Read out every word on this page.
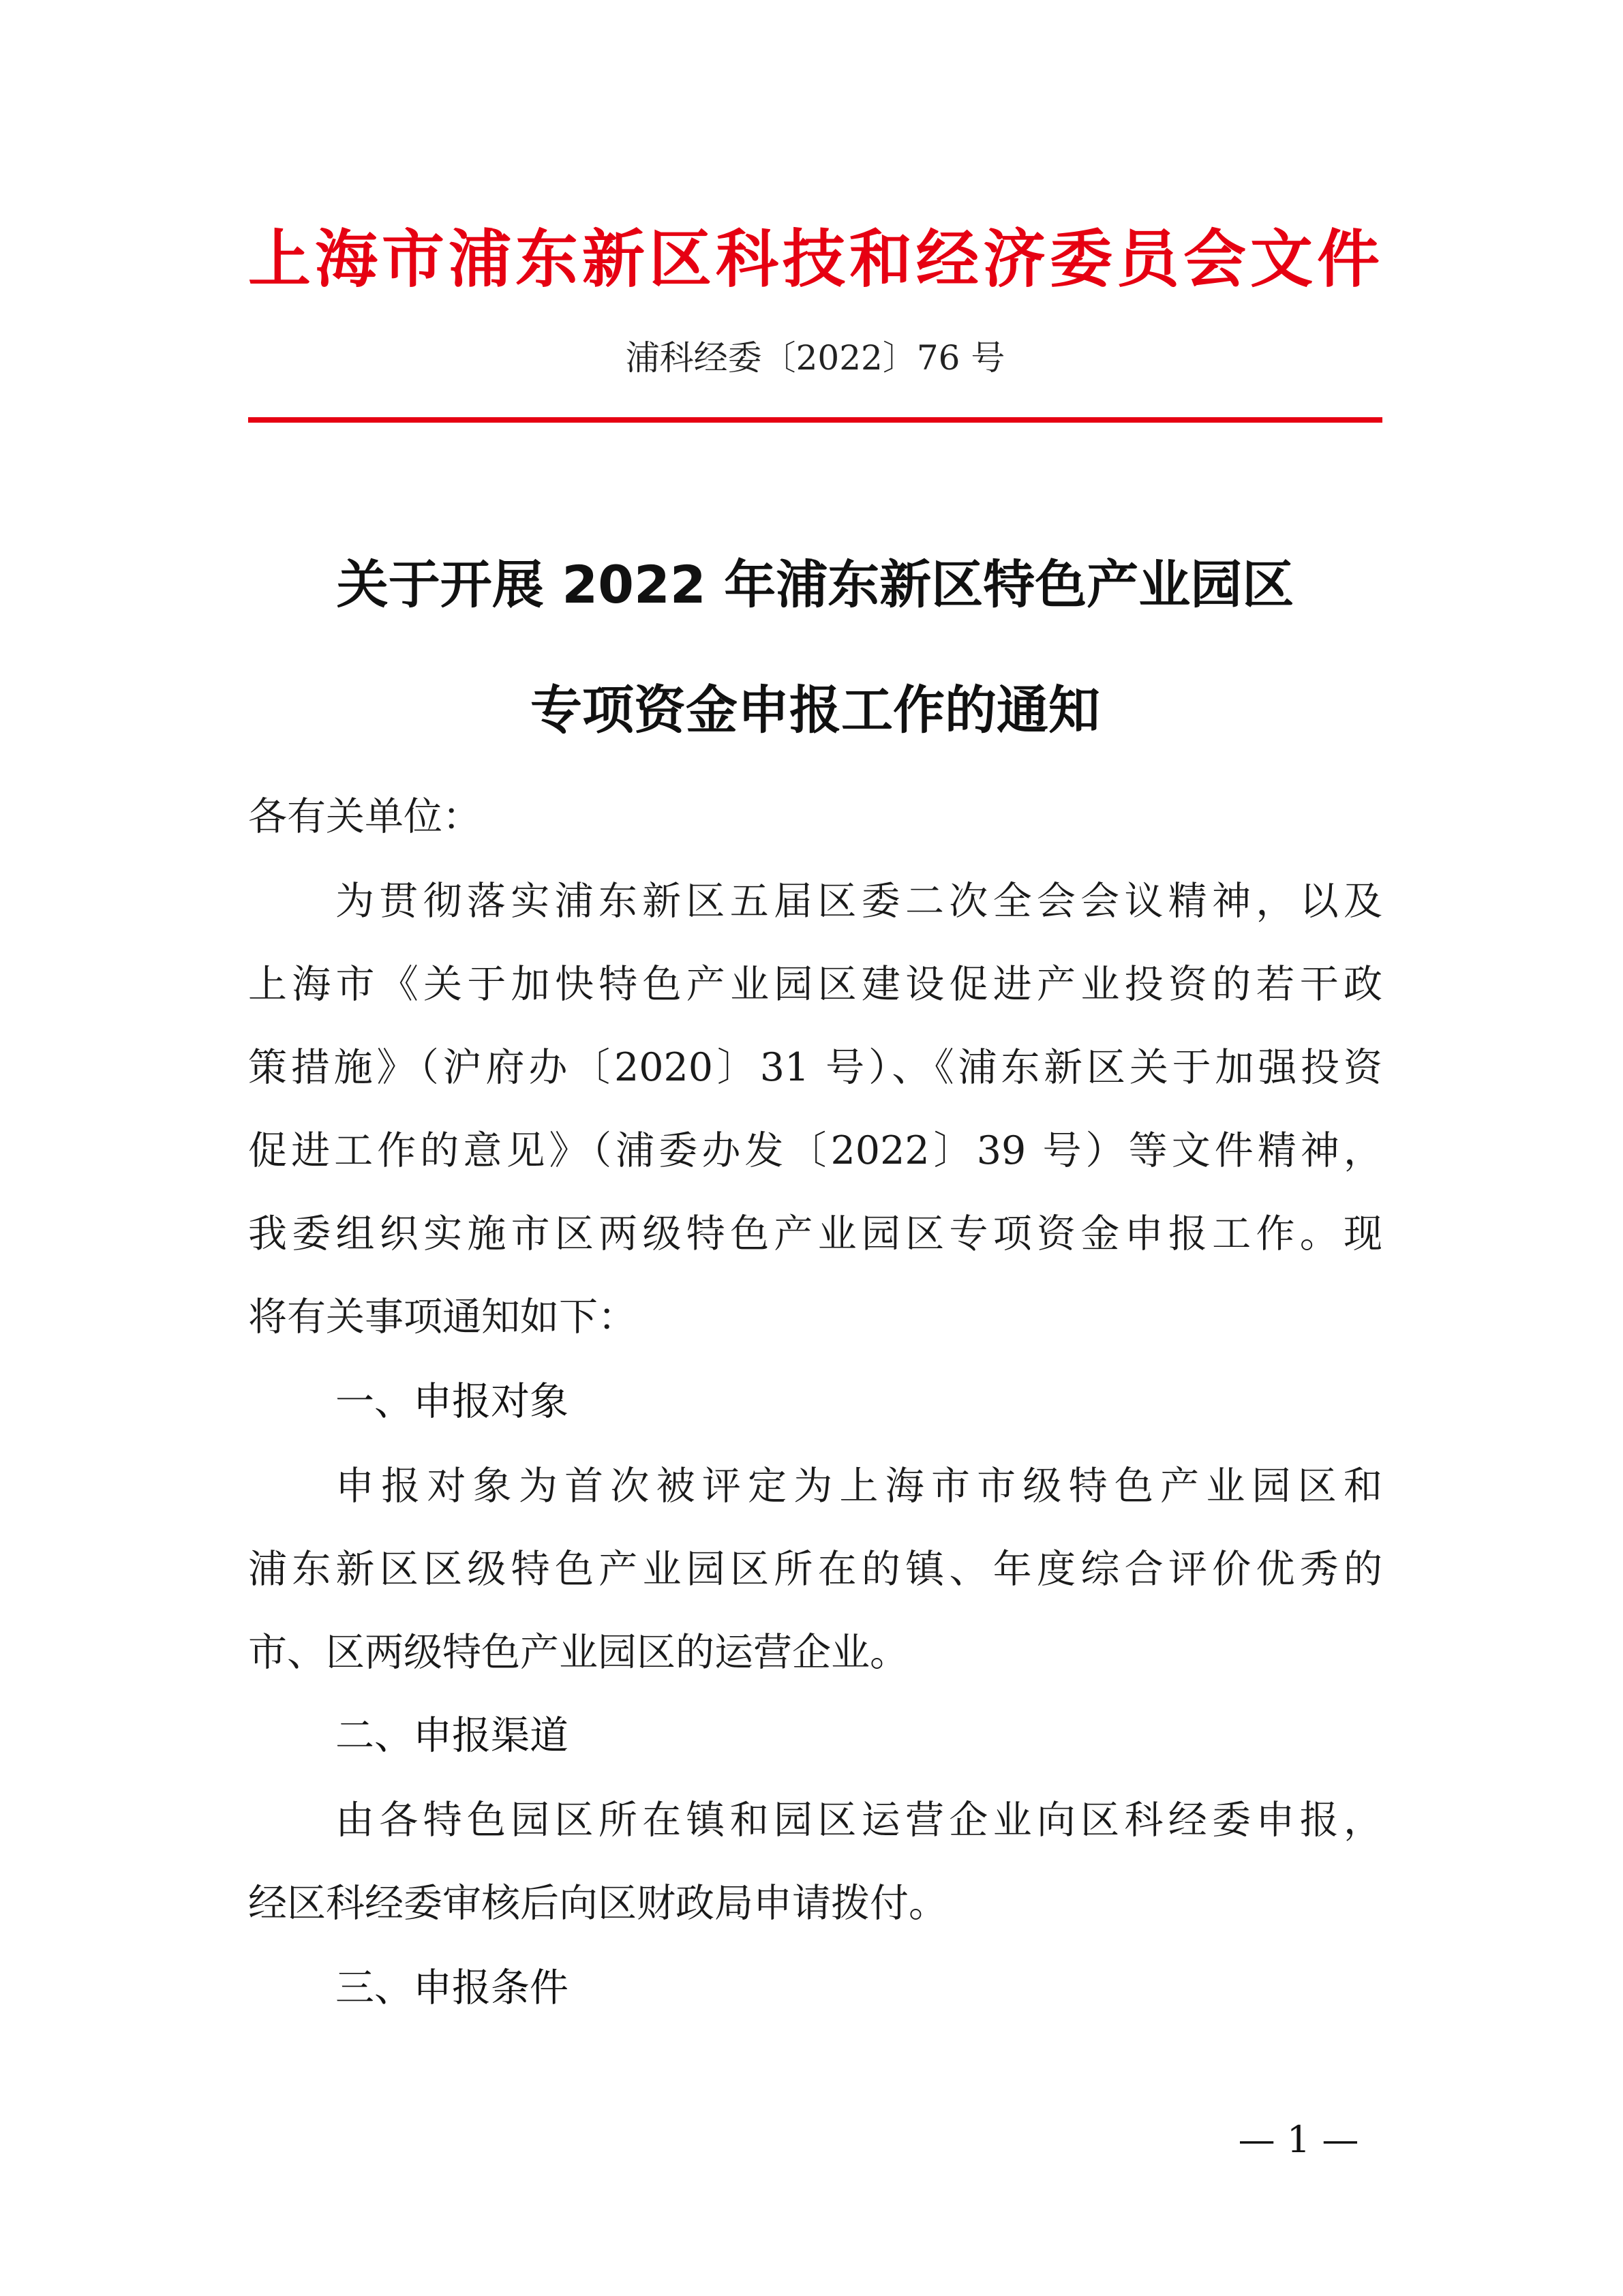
上海市浦东新区科技和经济委员会文件
浦科经委〔2022〕76 号
关于开展 2022 年浦东新区特色产业园区
专项资金申报工作的通知
各有关单位：
为贯彻落实浦东新区五届区委二次全会会议精神，以及
上海市《关于加快特色产业园区建设促进产业投资的若干政
策措施》（沪府办〔2020〕31 号）、《浦东新区关于加强投资
促进工作的意见》（浦委办发〔2022〕39 号）等文件精神，
我委组织实施市区两级特色产业园区专项资金申报工作。现
将有关事项通知如下：
一、申报对象
申报对象为首次被评定为上海市市级特色产业园区和
浦东新区区级特色产业园区所在的镇、年度综合评价优秀的
市、区两级特色产业园区的运营企业。
二、申报渠道
由各特色园区所在镇和园区运营企业向区科经委申报，
经区科经委审核后向区财政局申请拨付。
三、申报条件
— 1 —
